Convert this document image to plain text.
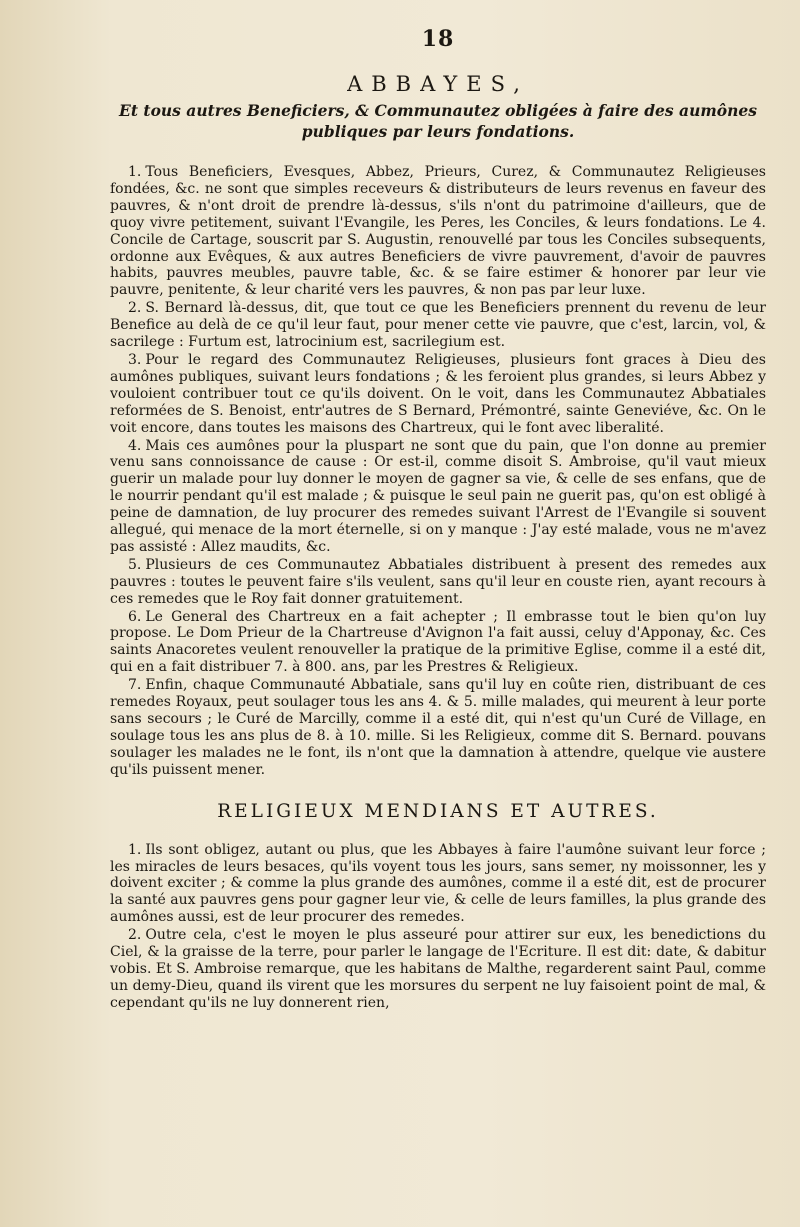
18
ABBAYES,
Et tous autres Beneficiers, & Communautez obligées à faire des aumônes publiques par leurs fondations.

1. Tous Beneficiers, Evesques, Abbez, Prieurs, Curez, & Communautez Religieuses fondées, &c. ne sont que simples receveurs & distributeurs de leurs revenus en faveur des pauvres, & n'ont droit de prendre là-dessus, s'ils n'ont du patrimoine d'ailleurs, que de quoy vivre petitement, suivant l'Evangile, les Peres, les Conciles, & leurs fondations. Le 4. Concile de Cartage, souscrit par S. Augustin, renouvellé par tous les Conciles subsequents, ordonne aux Evêques, & aux autres Beneficiers de vivre pauvrement, d'avoir de pauvres habits, pauvres meubles, pauvre table, &c. & se faire estimer & honorer par leur vie pauvre, penitente, & leur charité vers les pauvres, & non pas par leur luxe.

2. S. Bernard là-dessus, dit, que tout ce que les Beneficiers prennent du revenu de leur Benefice au delà de ce qu'il leur faut, pour mener cette vie pauvre, que c'est, larcin, vol, & sacrilege : Furtum est, latrocinium est, sacrilegium est.

3. Pour le regard des Communautez Religieuses, plusieurs font graces à Dieu des aumônes publiques, suivant leurs fondations ; & les feroient plus grandes, si leurs Abbez y vouloient contribuer tout ce qu'ils doivent. On le voit, dans les Communautez Abbatiales reformées de S. Benoist, entr'autres de S Bernard, Prémontré, sainte Geneviéve, &c. On le voit encore, dans toutes les maisons des Chartreux, qui le font avec liberalité.

4. Mais ces aumônes pour la pluspart ne sont que du pain, que l'on donne au premier venu sans connoissance de cause : Or est-il, comme disoit S. Ambroise, qu'il vaut mieux guerir un malade pour luy donner le moyen de gagner sa vie, & celle de ses enfans, que de le nourrir pendant qu'il est malade ; & puisque le seul pain ne guerit pas, qu'on est obligé à peine de damnation, de luy procurer des remedes suivant l'Arrest de l'Evangile si souvent allegué, qui menace de la mort éternelle, si on y manque : J'ay esté malade, vous ne m'avez pas assisté : Allez maudits, &c.

5. Plusieurs de ces Communautez Abbatiales distribuent à present des remedes aux pauvres : toutes le peuvent faire s'ils veulent, sans qu'il leur en couste rien, ayant recours à ces remedes que le Roy fait donner gratuitement.

6. Le General des Chartreux en a fait achepter ; Il embrasse tout le bien qu'on luy propose. Le Dom Prieur de la Chartreuse d'Avignon l'a fait aussi, celuy d'Apponay, &c. Ces saints Anacoretes veulent renouveller la pratique de la primitive Eglise, comme il a esté dit, qui en a fait distribuer 7. à 800. ans, par les Prestres & Religieux.

7. Enfin, chaque Communauté Abbatiale, sans qu'il luy en coûte rien, distribuant de ces remedes Royaux, peut soulager tous les ans 4. & 5. mille malades, qui meurent à leur porte sans secours ; le Curé de Marcilly, comme il a esté dit, qui n'est qu'un Curé de Village, en soulage tous les ans plus de 8. à 10. mille. Si les Religieux, comme dit S. Bernard. pouvans soulager les malades ne le font, ils n'ont que la damnation à attendre, quelque vie austere qu'ils puissent mener.

RELIGIEUX MENDIANS ET AUTRES.

1. Ils sont obligez, autant ou plus, que les Abbayes à faire l'aumône suivant leur force ; les miracles de leurs besaces, qu'ils voyent tous les jours, sans semer, ny moissonner, les y doivent exciter ; & comme la plus grande des aumônes, comme il a esté dit, est de procurer la santé aux pauvres gens pour gagner leur vie, & celle de leurs familles, la plus grande des aumônes aussi, est de leur procurer des remedes.

2. Outre cela, c'est le moyen le plus asseuré pour attirer sur eux, les benedictions du Ciel, & la graisse de la terre, pour parler le langage de l'Ecriture. Il est dit: date, & dabitur vobis. Et S. Ambroise remarque, que les habitans de Malthe, regarderent saint Paul, comme un demy-Dieu, quand ils virent que les morsures du serpent ne luy faisoient point de mal, & cependant qu'ils ne luy donnerent rien,
